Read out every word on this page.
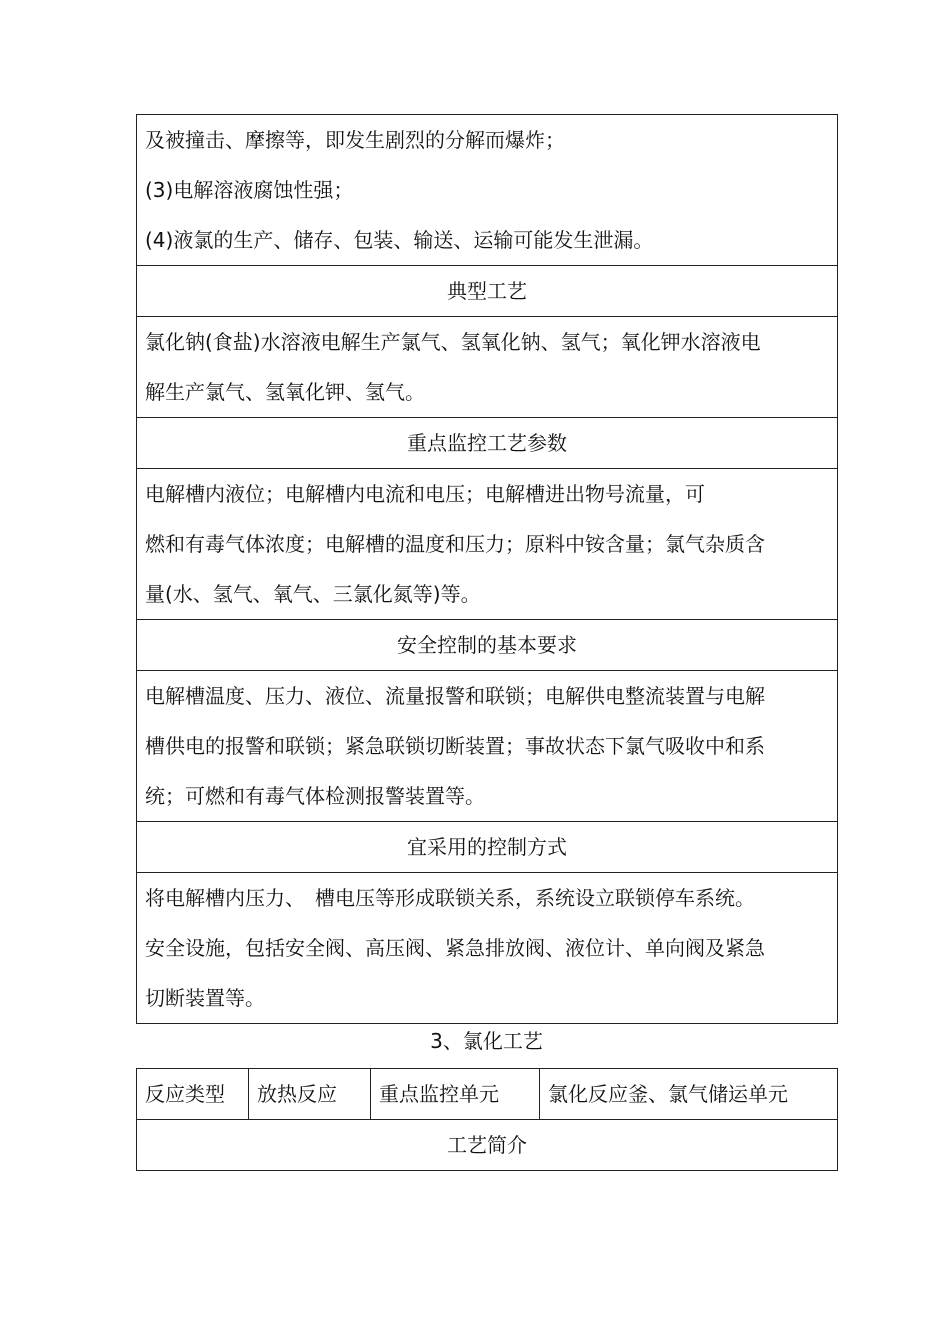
及被撞击、摩擦等，即发生剧烈的分解而爆炸；
(3)电解溶液腐蚀性强；
(4)液氯的生产、储存、包装、输送、运输可能发生泄漏。

典型工艺

氯化钠(食盐)水溶液电解生产氯气、氢氧化钠、氢气；氧化钾水溶液电
解生产氯气、氢氧化钾、氢气。

重点监控工艺参数

电解槽内液位；电解槽内电流和电压；电解槽进出物号流量，可
燃和有毒气体浓度；电解槽的温度和压力；原料中铵含量；氯气杂质含
量(水、氢气、氧气、三氯化氮等)等。

安全控制的基本要求

电解槽温度、压力、液位、流量报警和联锁；电解供电整流装置与电解
槽供电的报警和联锁；紧急联锁切断装置；事故状态下氯气吸收中和系
统；可燃和有毒气体检测报警装置等。

宜采用的控制方式

将电解槽内压力、　槽电压等形成联锁关系，系统设立联锁停车系统。
安全设施，包括安全阀、高压阀、紧急排放阀、液位计、单向阀及紧急
切断装置等。
3、氯化工艺
反应类型	放热反应	重点监控单元	氯化反应釜、氯气储运单元
工艺简介
